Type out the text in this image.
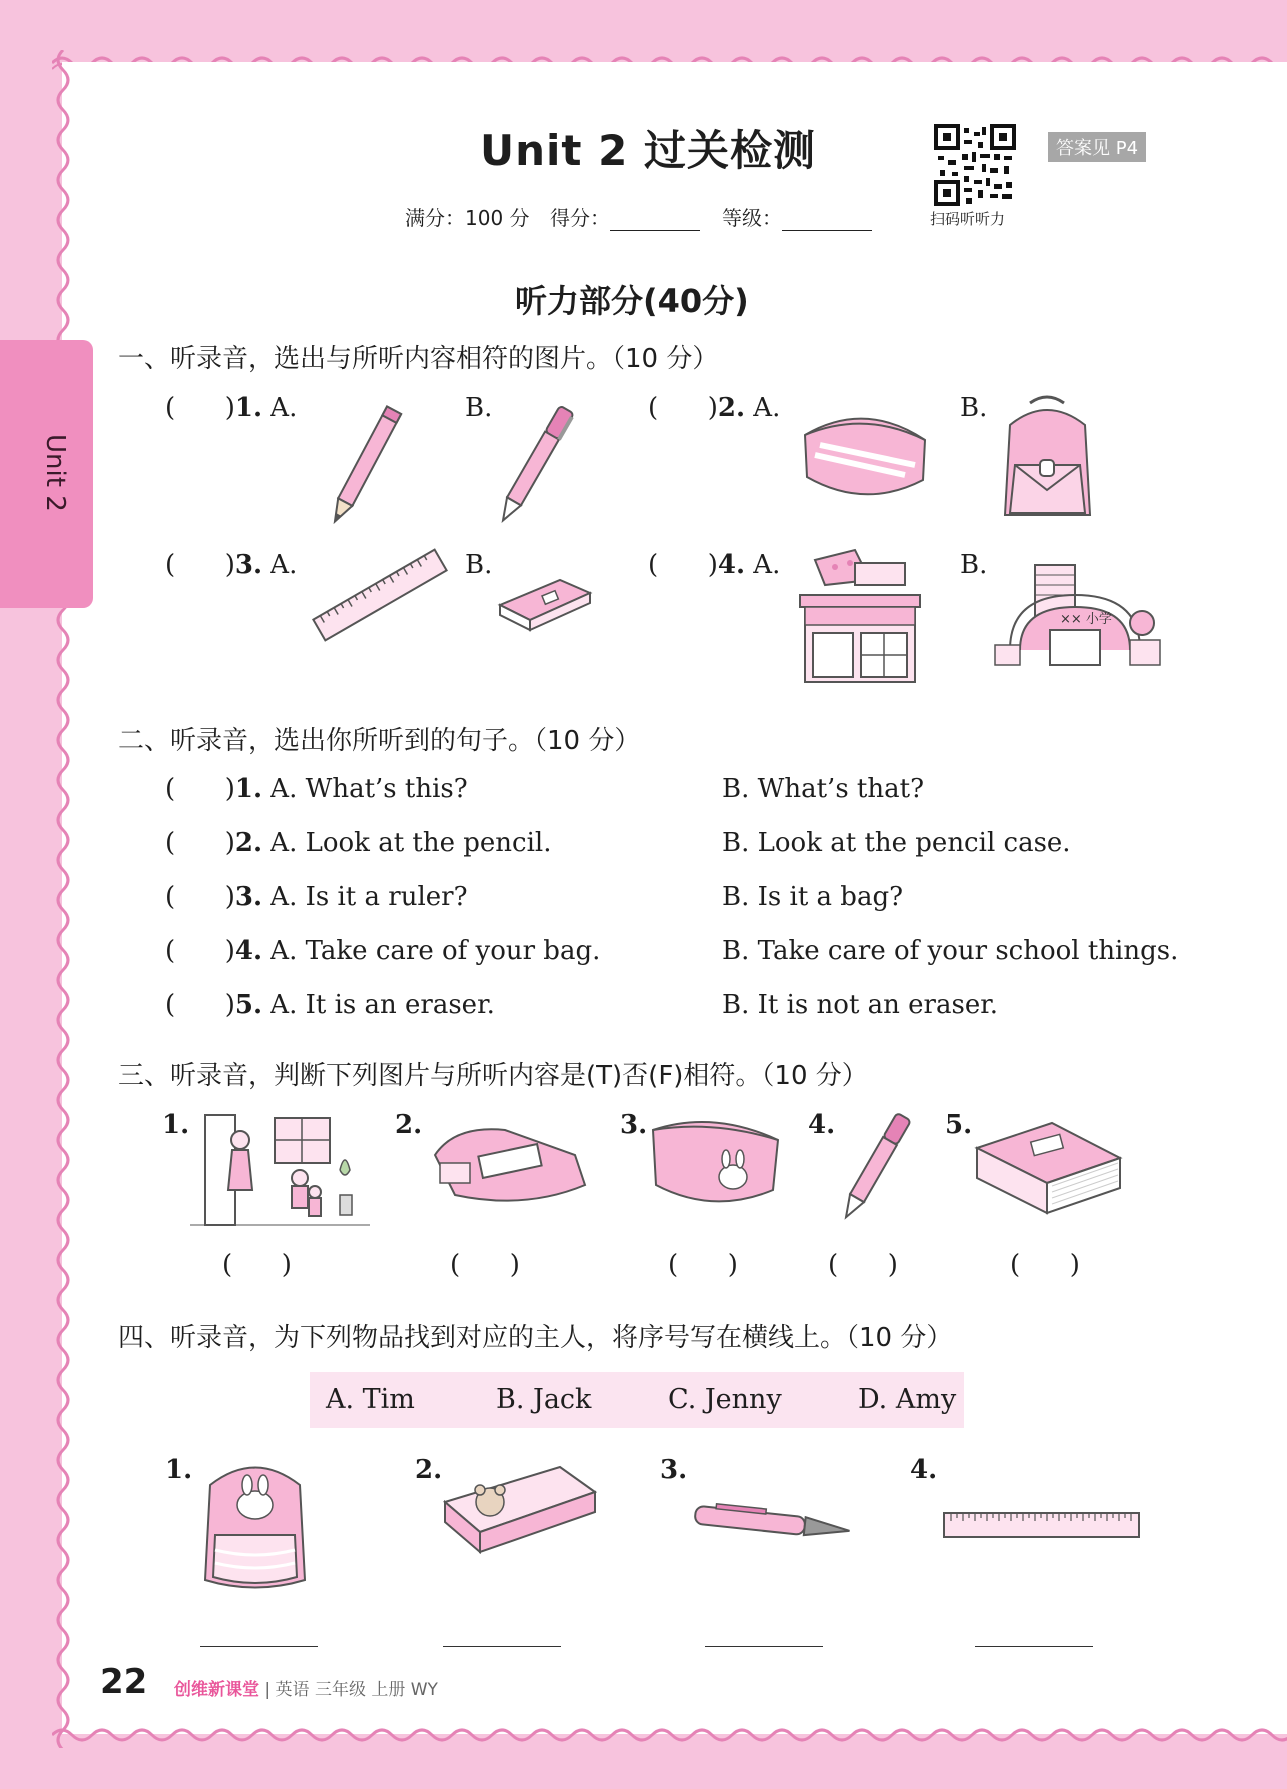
Unit 2
Unit 2 过关检测	答案见 P4
扫码听听力
满分：100 分 得分：	等级：
听力部分(40分)
一、听录音，选出与所听内容相符的图片。（10 分）
(      )1. A.	B.	(      )2. A.	B.
(      )3. A.	B.	(      )4. A.	B.
×× 小学
二、听录音，选出你所听到的句子。（10 分）
(      )1. A. What’s this?	B. What’s that?
(      )2. A. Look at the pencil.	B. Look at the pencil case.
(      )3. A. Is it a ruler?	B. Is it a bag?
(      )4. A. Take care of your bag.	B. Take care of your school things.
(      )5. A. It is an eraser.	B. It is not an eraser.
三、听录音，判断下列图片与所听内容是(T)否(F)相符。（10 分）
1.
(      )
2.
(      )
3.
(      )
4.
(      )
5.
(      )
四、听录音，为下列物品找到对应的主人，将序号写在横线上。（10 分）
A. Tim	B. Jack	C. Jenny	D. Amy
1.	2.	3.	4.
22 创维新课堂 | 英语 三年级 上册 WY
